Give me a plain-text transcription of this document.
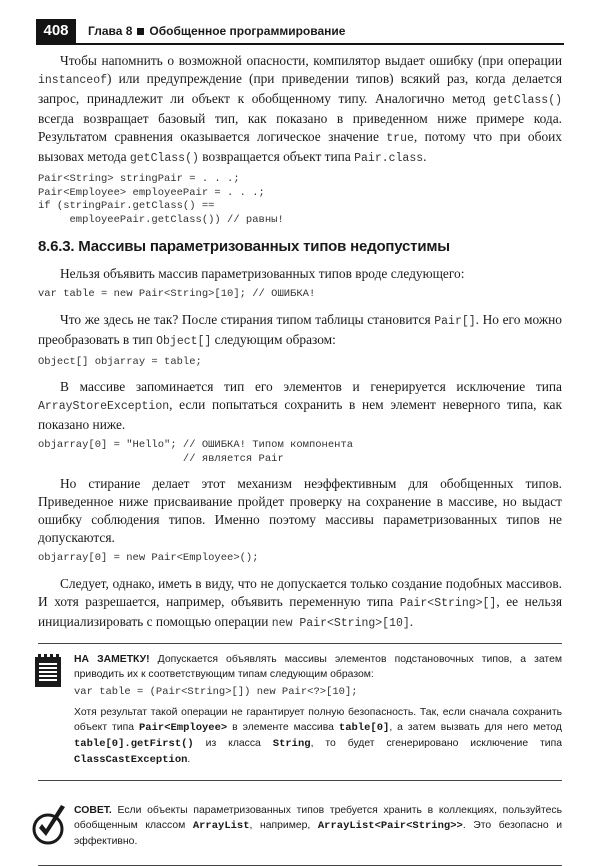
408	Глава 8 Обобщенное программирование

Чтобы напомнить о возможной опасности, компилятор выдает ошибку (при операции instanceof) или предупреждение (при приведении типов) всякий раз, когда делается запрос, принадлежит ли объект к обобщенному типу. Аналогично метод getClass() всегда возвращает базовый тип, как показано в приведенном ниже примере кода. Результатом сравнения оказывается логическое значение true, потому что при обоих вызовах метода getClass() возвращается объект типа Pair.class.

Pair<String> stringPair = . . .;
Pair<Employee> employeePair = . . .;
if (stringPair.getClass() ==
employeePair.getClass()) // равны!
8.6.3. Массивы параметризованных типов недопустимы

Нельзя объявить массив параметризованных типов вроде следующего:

var table = new Pair<String>[10]; // ОШИБКА!

Что же здесь не так? После стирания типом таблицы становится Pair[]. Но его можно преобразовать в тип Object[] следующим образом:

Object[] objarray = table;

В массиве запоминается тип его элементов и генерируется исключение типа ArrayStoreException, если попытаться сохранить в нем элемент неверного типа, как показано ниже.

objarray[0] = "Hello"; // ОШИБКА! Типом компонента
// является Pair

Но стирание делает этот механизм неэффективным для обобщенных типов. Приведенное ниже присваивание пройдет проверку на сохранение в массиве, но выдаст ошибку соблюдения типов. Именно поэтому массивы параметризованных типов не допускаются.

objarray[0] = new Pair<Employee>();

Следует, однако, иметь в виду, что не допускается только создание подобных массивов. И хотя разрешается, например, объявить переменную типа Pair<String>[], ее нельзя инициализировать с помощью операции new Pair<String>[10].

НА ЗАМЕТКУ! Допускается объявлять массивы элементов подстановочных типов, а затем приводить их к соответствующим типам следующим образом:

var table = (Pair<String>[]) new Pair<?>[10];

Хотя результат такой операции не гарантирует полную безопасность. Так, если сначала сохранить объект типа Pair<Employee> в элементе массива table[0], а затем вызвать для него метод table[0].getFirst() из класса String, то будет сгенерировано исключение типа ClassCastException.

СОВЕТ. Если объекты параметризованных типов требуется хранить в коллекциях, пользуйтесь обобщенным классом ArrayList, например, ArrayList<Pair<String>>. Это безопасно и эффективно.
